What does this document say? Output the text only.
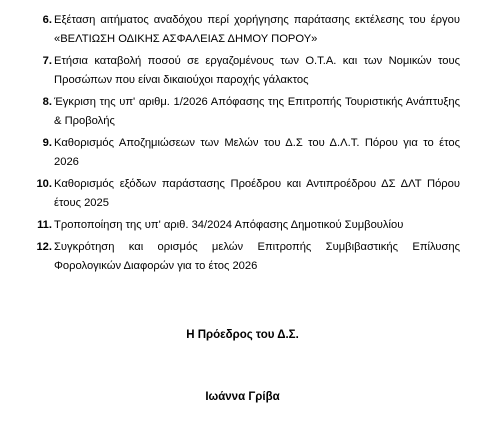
6. Εξέταση αιτήματος αναδόχου περί χορήγησης παράτασης εκτέλεσης του έργου «ΒΕΛΤΙΩΣΗ ΟΔΙΚΗΣ ΑΣΦΑΛΕΙΑΣ ΔΗΜΟΥ ΠΟΡΟΥ»
7. Ετήσια καταβολή ποσού σε εργαζομένους των Ο.Τ.Α. και των Νομικών τους Προσώπων που είναι δικαιούχοι παροχής γάλακτος
8. Έγκριση της υπ' αριθμ. 1/2026 Απόφασης της Επιτροπής Τουριστικής Ανάπτυξης & Προβολής
9. Καθορισμός Αποζημιώσεων των Μελών του Δ.Σ του Δ.Λ.Τ. Πόρου για το έτος 2026
10. Καθορισμός εξόδων παράστασης Προέδρου και Αντιπροέδρου ΔΣ ΔΛΤ Πόρου έτους 2025
11. Τροποποίηση της υπ' αριθ. 34/2024 Απόφασης Δημοτικού Συμβουλίου
12. Συγκρότηση και ορισμός μελών Επιτροπής Συμβιβαστικής Επίλυσης Φορολογικών Διαφορών για το έτος 2026
Η Πρόεδρος του Δ.Σ.
Ιωάννα Γρίβα
